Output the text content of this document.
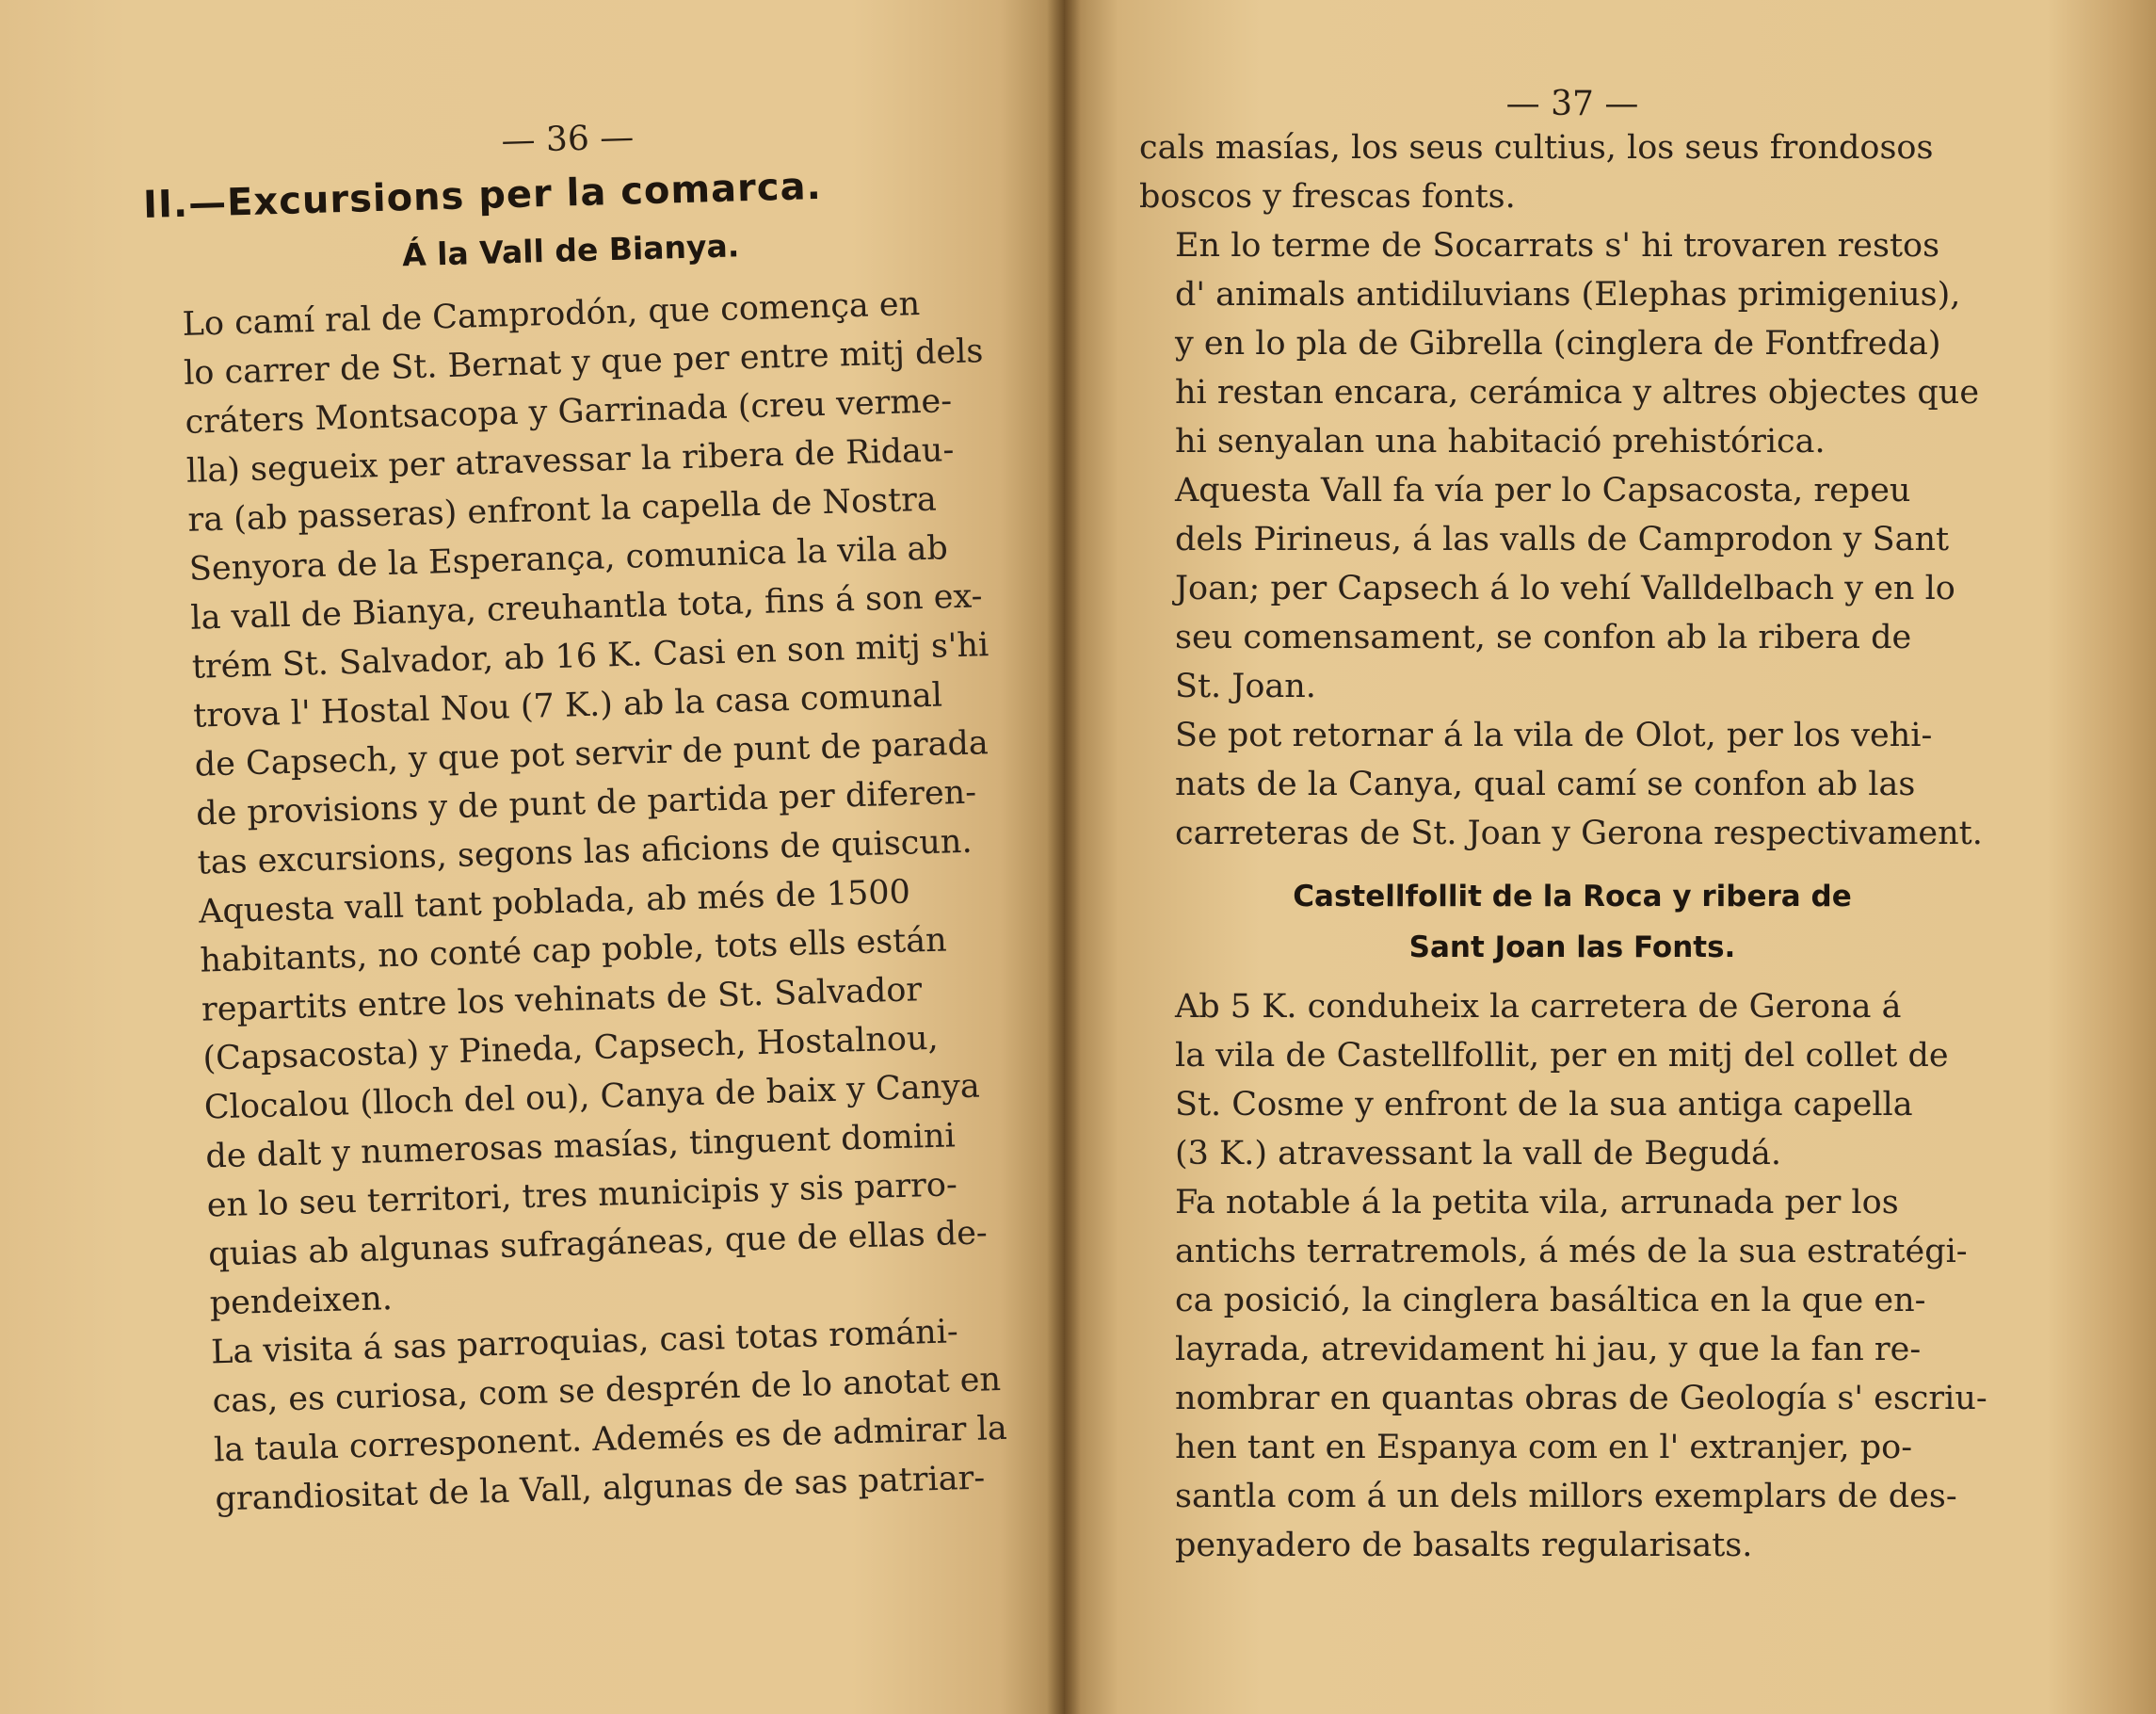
— 36 —
II.—Excursions per la comarca.
Á la Vall de Bianya.

Lo camí ral de Camprodón, que comença en
lo carrer de St. Bernat y que per entre mitj dels
cráters Montsacopa y Garrinada (creu verme-
lla) segueix per atravessar la ribera de Ridau-
ra (ab passeras) enfront la capella de Nostra
Senyora de la Esperança, comunica la vila ab
la vall de Bianya, creuhantla tota, fins á son ex-
trém St. Salvador, ab 16 K. Casi en son mitj s'hi
trova l' Hostal Nou (7 K.) ab la casa comunal
de Capsech, y que pot servir de punt de parada
de provisions y de punt de partida per diferen-
tas excursions, segons las aficions de quiscun.

Aquesta vall tant poblada, ab més de 1500
habitants, no conté cap poble, tots ells están
repartits entre los vehinats de St. Salvador
(Capsacosta) y Pineda, Capsech, Hostalnou,
Clocalou (lloch del ou), Canya de baix y Canya
de dalt y numerosas masías, tinguent domini
en lo seu territori, tres municipis y sis parro-
quias ab algunas sufragáneas, que de ellas de-
pendeixen.

La visita á sas parroquias, casi totas románi-
cas, es curiosa, com se desprén de lo anotat en
la taula corresponent. Ademés es de admirar la
grandiositat de la Vall, algunas de sas patriar-

— 37 —

cals masías, los seus cultius, los seus frondosos
boscos y frescas fonts.

En lo terme de Socarrats s' hi trovaren restos
d' animals antidiluvians (Elephas primigenius),
y en lo pla de Gibrella (cinglera de Fontfreda)
hi restan encara, cerámica y altres objectes que
hi senyalan una habitació prehistórica.

Aquesta Vall fa vía per lo Capsacosta, repeu
dels Pirineus, á las valls de Camprodon y Sant
Joan; per Capsech á lo vehí Valldelbach y en lo
seu comensament, se confon ab la ribera de
St. Joan.

Se pot retornar á la vila de Olot, per los vehi-
nats de la Canya, qual camí se confon ab las
carreteras de St. Joan y Gerona respectivament.

Castellfollit de la Roca y ribera de
Sant Joan las Fonts.

Ab 5 K. conduheix la carretera de Gerona á
la vila de Castellfollit, per en mitj del collet de
St. Cosme y enfront de la sua antiga capella
(3 K.) atravessant la vall de Begudá.

Fa notable á la petita vila, arrunada per los
antichs terratremols, á més de la sua estratégi-
ca posició, la cinglera basáltica en la que en-
layrada, atrevidament hi jau, y que la fan re-
nombrar en quantas obras de Geología s' escriu-
hen tant en Espanya com en l' extranjer, po-
santla com á un dels millors exemplars de des-
penyadero de basalts regularisats.
